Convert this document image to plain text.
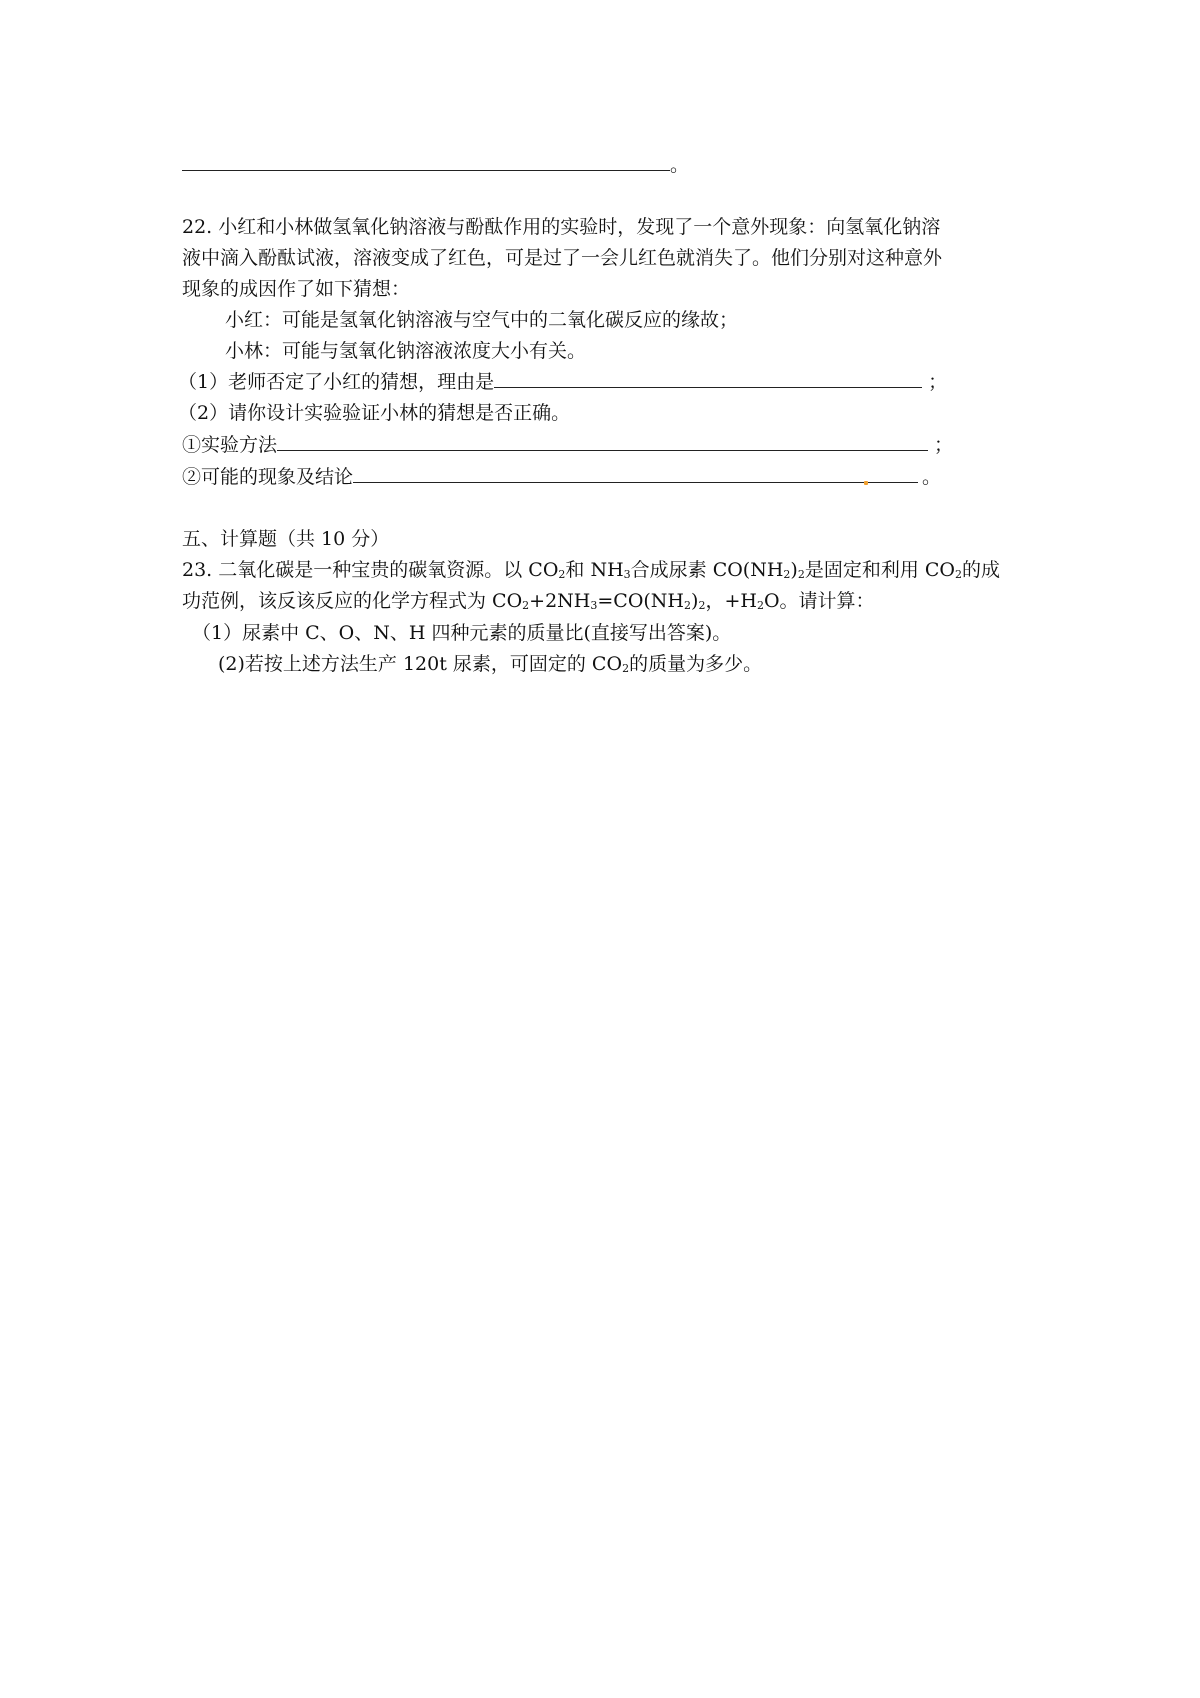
。
22. 小红和小林做氢氧化钠溶液与酚酞作用的实验时，发现了一个意外现象：向氢氧化钠溶
液中滴入酚酞试液，溶液变成了红色，可是过了一会儿红色就消失了。他们分别对这种意外
现象的成因作了如下猜想：
小红：可能是氢氧化钠溶液与空气中的二氧化碳反应的缘故；
小林：可能与氢氧化钠溶液浓度大小有关。
（1）老师否定了小红的猜想，理由是	；
（2）请你设计实验验证小林的猜想是否正确。
①实验方法	；
②可能的现象及结论	。
五、计算题（共 10 分）
23. 二氧化碳是一种宝贵的碳氧资源。以 $CO_2$和 $NH_3$合成尿素 $CO(NH_2)_2$是固定和利用 $CO_2$的成
功范例，该反该反应的化学方程式为 $CO_2+2NH_3=CO(NH_2)_2$，$+H_2O$。请计算：
（1）尿素中 C、O、N、H 四种元素的质量比(直接写出答案)。
(2)若按上述方法生产 120t 尿素，可固定的 $CO_2$的质量为多少。
